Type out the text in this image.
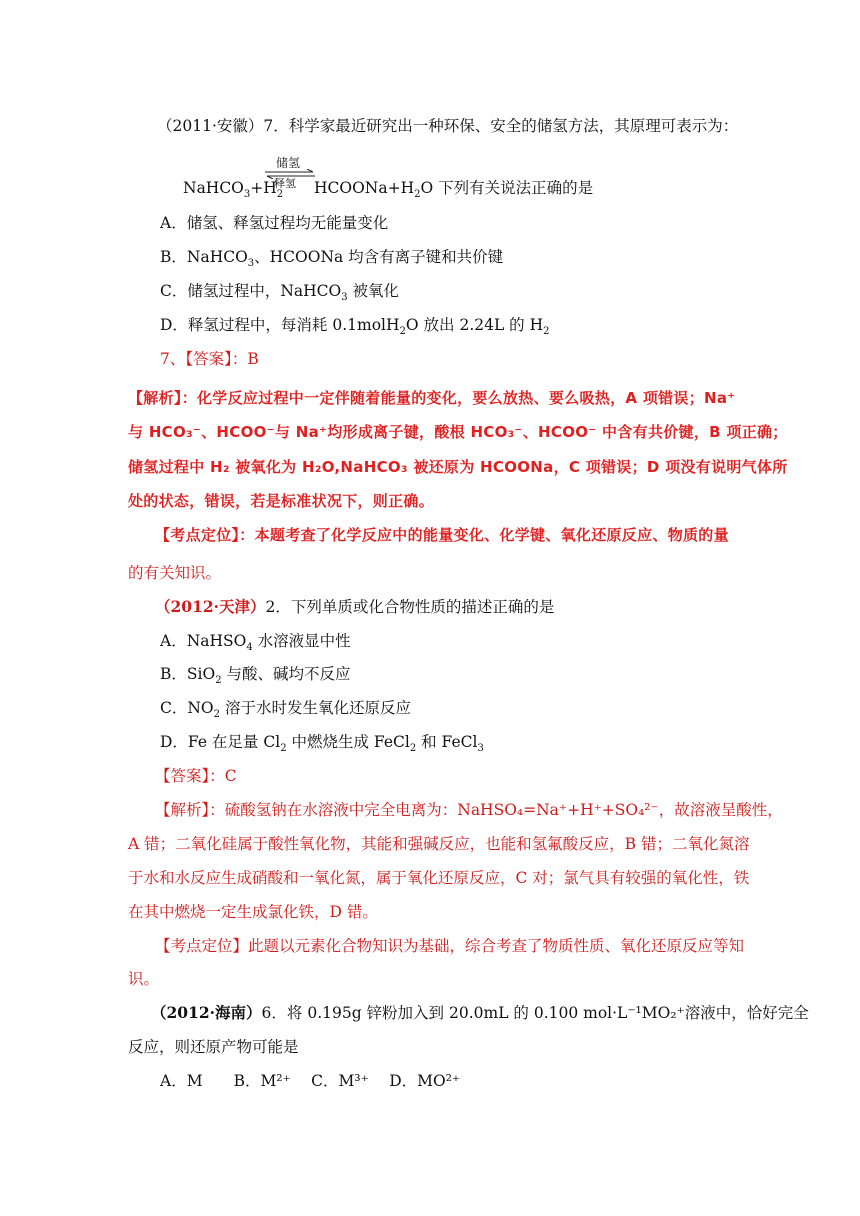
（2011·安徽）7．科学家最近研究出一种环保、安全的储氢方法，其原理可表示为：
储氢
释氢
$NaHCO_3+H_2$ $HCOONa+H_2O$ 下列有关说法正确的是
A．储氢、释氢过程均无能量变化
B．NaHCO$_3$、HCOONa 均含有离子键和共价键
C．储氢过程中，NaHCO$_3$ 被氧化
D．释氢过程中，每消耗 0.1molH$_2$O 放出 2.24L 的 $H_2$
7、【答案】：B
【解析】：化学反应过程中一定伴随着能量的变化，要么放热、要么吸热，A 项错误；Na⁺
与 HCO₃⁻、HCOO⁻与 Na⁺均形成离子键，酸根 HCO₃⁻、HCOO⁻ 中含有共价键，B 项正确；
储氢过程中 H₂ 被氧化为 H₂O,NaHCO₃ 被还原为 HCOONa，C 项错误；D 项没有说明气体所
处的状态，错误，若是标准状况下，则正确。
【考点定位】：本题考查了化学反应中的能量变化、化学键、氧化还原反应、物质的量
的有关知识。
（2012·天津）2．下列单质或化合物性质的描述正确的是
A．NaHSO$_4$ 水溶液显中性
B．SiO$_2$ 与酸、碱均不反应
C．$NO_2$ 溶于水时发生氧化还原反应
D．Fe 在足量 $Cl_2$ 中燃烧生成 FeCl$_2$ 和 FeCl$_3$
【答案】：C
【解析】：硫酸氢钠在水溶液中完全电离为：NaHSO₄=Na⁺+H⁺+SO₄²⁻，故溶液呈酸性，
A 错；二氧化硅属于酸性氧化物，其能和强碱反应，也能和氢氟酸反应，B 错；二氧化氮溶
于水和水反应生成硝酸和一氧化氮，属于氧化还原反应，C 对；氯气具有较强的氧化性，铁
在其中燃烧一定生成氯化铁，D 错。
【考点定位】此题以元素化合物知识为基础，综合考查了物质性质、氧化还原反应等知
识。
（2012·海南）6．将 0.195g 锌粉加入到 20.0mL 的 0.100 mol·L⁻¹MO₂⁺溶液中，恰好完全
反应，则还原产物可能是
A．M　　B．M²⁺　 C．M³⁺　 D．MO²⁺
